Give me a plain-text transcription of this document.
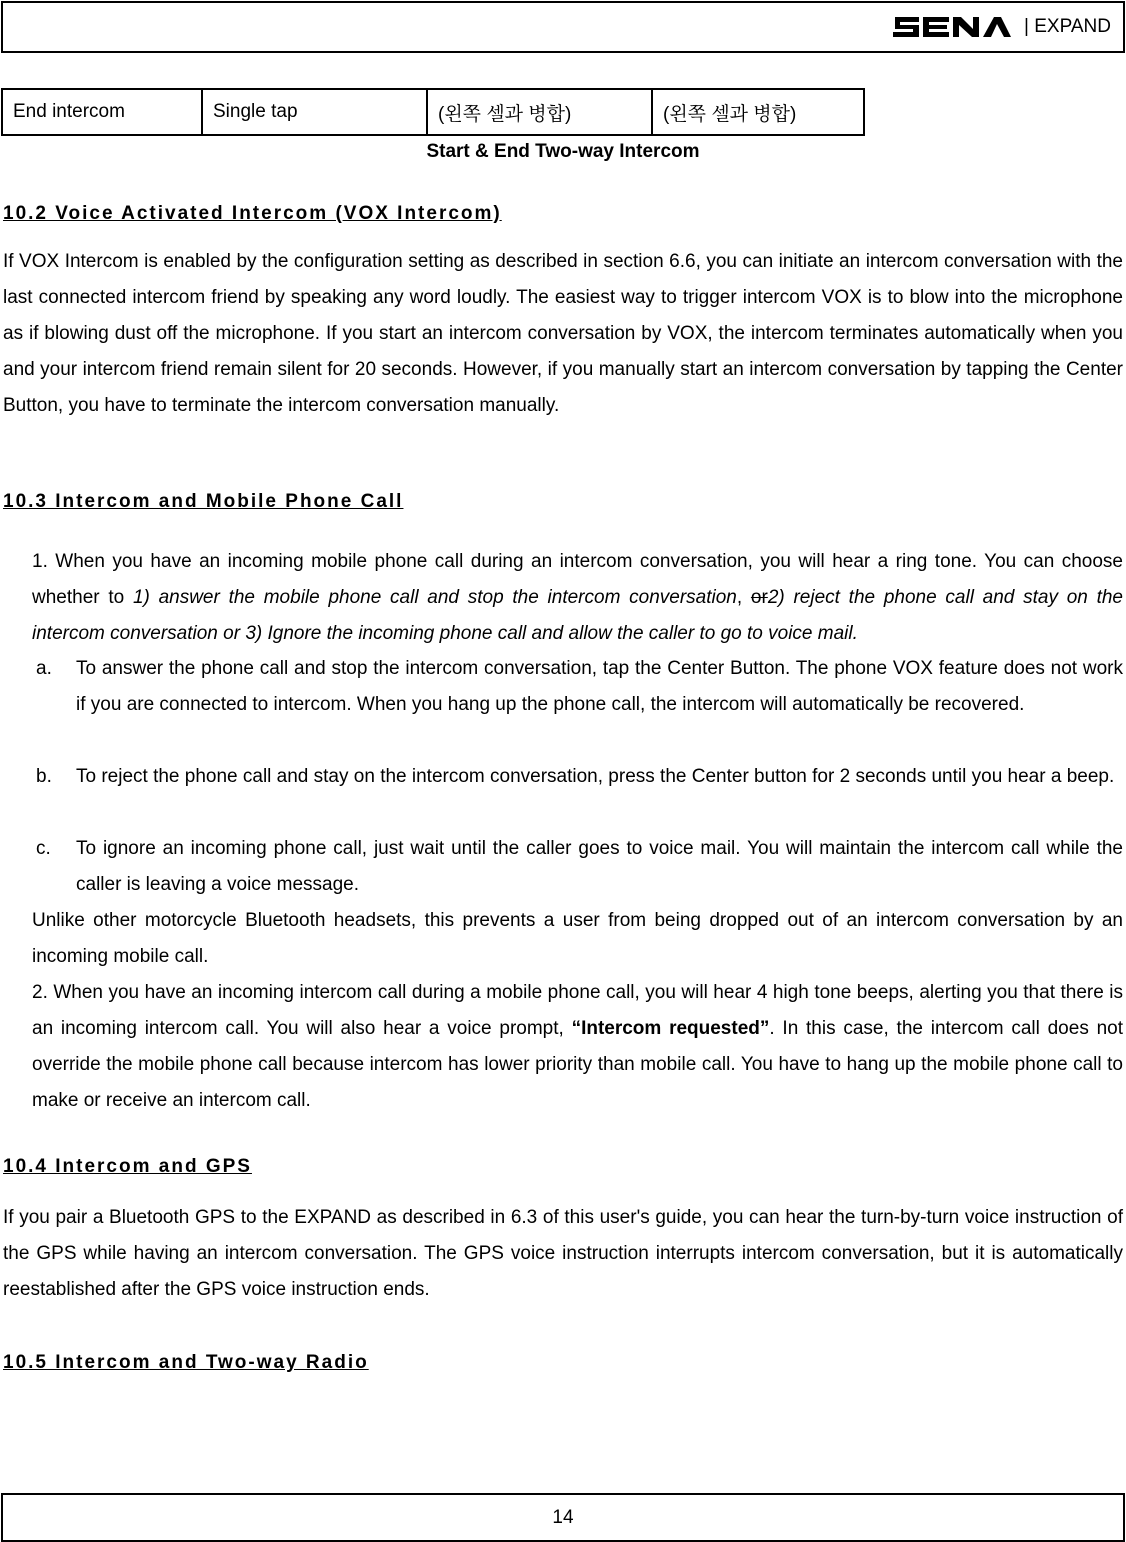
| EXPAND
End intercom	Single tap	(왼쪽 셀과 병합)	(왼쪽 셀과 병합)
Start & End Two-way Intercom
10.2 Voice Activated Intercom (VOX Intercom)

If VOX Intercom is enabled by the configuration setting as described in section 6.6, you can initiate an intercom conversation with the last connected intercom friend by speaking any word loudly. The easiest way to trigger intercom VOX is to blow into the microphone as if blowing dust off the microphone. If you start an intercom conversation by VOX, the intercom terminates automatically when you and your intercom friend remain silent for 20 seconds. However, if you manually start an intercom conversation by tapping the Center Button, you have to terminate the intercom conversation manually.

10.3 Intercom and Mobile Phone Call

1. When you have an incoming mobile phone call during an intercom conversation, you will hear a ring tone. You can choose whether to 1) answer the mobile phone call and stop the intercom conversation, or2) reject the phone call and stay on the intercom conversation or 3) Ignore the incoming phone call and allow the caller to go to voice mail.

a. To answer the phone call and stop the intercom conversation, tap the Center Button. The phone VOX feature does not work if you are connected to intercom. When you hang up the phone call, the intercom will automatically be recovered.
b. To reject the phone call and stay on the intercom conversation, press the Center button for 2 seconds until you hear a beep.
c. To ignore an incoming phone call, just wait until the caller goes to voice mail. You will maintain the intercom call while the caller is leaving a voice message.

Unlike other motorcycle Bluetooth headsets, this prevents a user from being dropped out of an intercom conversation by an incoming mobile call.

2. When you have an incoming intercom call during a mobile phone call, you will hear 4 high tone beeps, alerting you that there is an incoming intercom call. You will also hear a voice prompt, “Intercom requested”. In this case, the intercom call does not override the mobile phone call because intercom has lower priority than mobile call. You have to hang up the mobile phone call to make or receive an intercom call.

10.4 Intercom and GPS

If you pair a Bluetooth GPS to the EXPAND as described in 6.3 of this user's guide, you can hear the turn-by-turn voice instruction of the GPS while having an intercom conversation. The GPS voice instruction interrupts intercom conversation, but it is automatically reestablished after the GPS voice instruction ends.

10.5 Intercom and Two-way Radio
14
